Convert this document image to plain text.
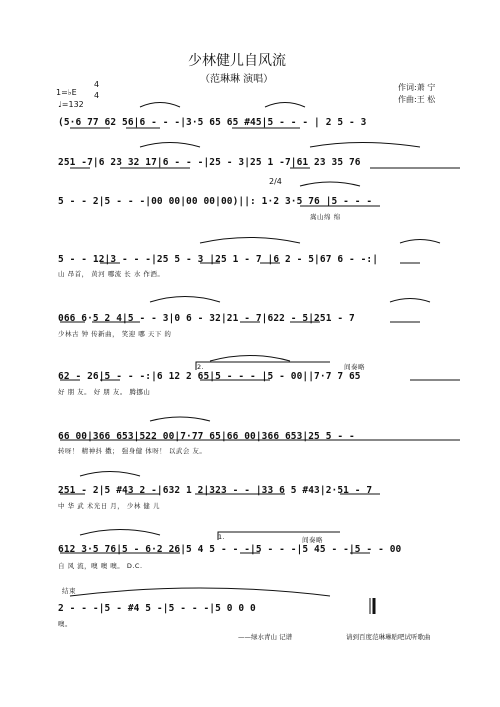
少林健儿自风流
（范琳琳 演唱）
1=♭E
4
4
♩=132
作词:萧 宁
作曲:王 松
2/4
(5·6 77 62 56|6 - - -|3·5 65 65 #45|5 - - - | 2 5 - 3
251 -7|6 23 32 17|6 - - -|25 - 3|25 1 -7|61 23 35 76
5 - - 2|5 - - -|00 00|00 00|00)||: 1·2 3·5 76 |5 - - -
嵩山绵 绵
5 - - 12|3 - - -|25 5 - 3 |25 1 - 7 |6 2 - 5|67 6 - -:|
山 昂首， 黄河 哪流 长 水 作酒。
066 6·5 2 4|5 - - 3|0 6 - 32|21 - 7|622 - 5|251 - 7
少林古 钟 传新曲， 笑迎 哪 天下 的
62 - 26|5 - - -:|6 12 2 65|5 - - - |5 - 00||7·7 7 65
好 朋 友。 好 朋 友。 腾挪山
66 00|366 653|522 00|7·77 65|66 00|366 653|25 5 - -
转呀！ 精神抖 擞； 强身健 体呀！ 以武会 友。
251 - 2|5 #43 2 -|632 1 2|323 - - |33 6 5 #43|2·51 - 7
中 华 武 术光日 月， 少林 健 儿
612 3·5 76|5 - 6·2 26|5 4 5 - - -|5 - - -|5 45 - -|5 - - 00
自 风 流，噢 噢 噢。 D.C.
2 - - -|5 - #4 5 -|5 - - -|5 0 0 0
噢。
间奏略
间奏略
1.
2.
结束
——绿水青山 记谱	请到百度范琳琳贴吧试听歌曲
